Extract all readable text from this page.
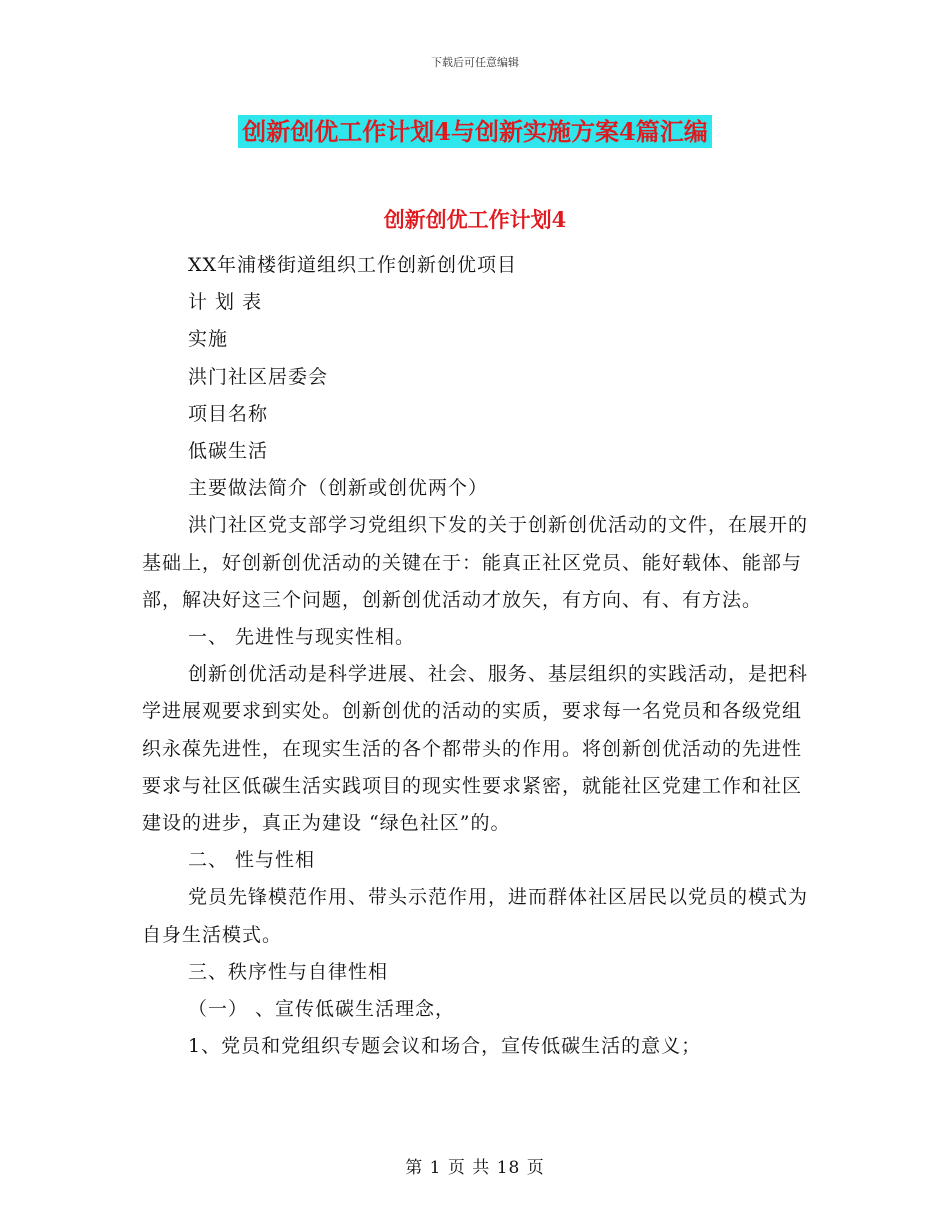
下载后可任意编辑
创新创优工作计划4与创新实施方案4篇汇编
创新创优工作计划4

XX年浦楼街道组织工作创新创优项目

计 划 表

实施

洪门社区居委会

项目名称

低碳生活

主要做法简介（创新或创优两个）

洪门社区党支部学习党组织下发的关于创新创优活动的文件，在展开的基础上，好创新创优活动的关键在于：能真正社区党员、能好载体、能部与部，解决好这三个问题，创新创优活动才放矢，有方向、有、有方法。

一、 先进性与现实性相。

创新创优活动是科学进展、社会、服务、基层组织的实践活动，是把科学进展观要求到实处。创新创优的活动的实质，要求每一名党员和各级党组织永葆先进性，在现实生活的各个都带头的作用。将创新创优活动的先进性要求与社区低碳生活实践项目的现实性要求紧密，就能社区党建工作和社区建设的进步，真正为建设 “绿色社区”的。

二、 性与性相

党员先锋模范作用、带头示范作用，进而群体社区居民以党员的模式为自身生活模式。

三、秩序性与自律性相

（一） 、宣传低碳生活理念，

1、党员和党组织专题会议和场合，宣传低碳生活的意义；

第 1 页 共 18 页
